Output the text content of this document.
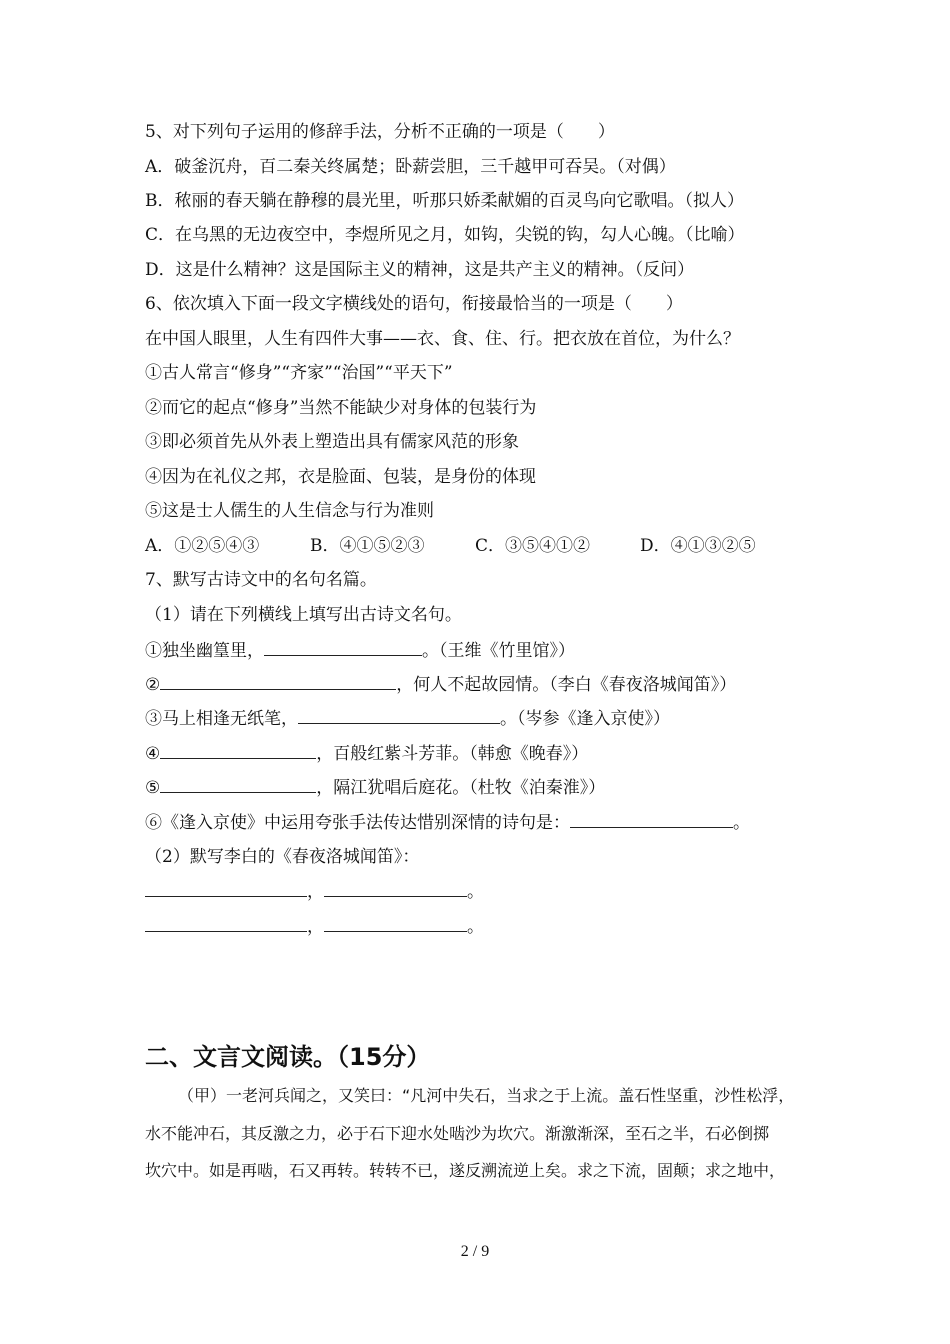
5、对下列句子运用的修辞手法，分析不正确的一项是（　　）
A．破釜沉舟，百二秦关终属楚；卧薪尝胆，三千越甲可吞吴。（对偶）
B．秾丽的春天躺在静穆的晨光里，听那只娇柔献媚的百灵鸟向它歌唱。（拟人）
C．在乌黑的无边夜空中，李煜所见之月，如钩，尖锐的钩，勾人心魄。（比喻）
D．这是什么精神？这是国际主义的精神，这是共产主义的精神。（反问）
6、依次填入下面一段文字横线处的语句，衔接最恰当的一项是（　　）
在中国人眼里，人生有四件大事——衣、食、住、行。把衣放在首位，为什么？
①古人常言“修身”“齐家”“治国”“平天下”
②而它的起点“修身”当然不能缺少对身体的包装行为
③即必须首先从外表上塑造出具有儒家风范的形象
④因为在礼仪之邦，衣是脸面、包装，是身份的体现
⑤这是士人儒生的人生信念与行为准则
A．①②⑤④③	B．④①⑤②③	C．③⑤④①②	D．④①③②⑤
7、默写古诗文中的名句名篇。
（1）请在下列横线上填写出古诗文名句。
①独坐幽篁里，	。（王维《竹里馆》）
②	，何人不起故园情。（李白《春夜洛城闻笛》）
③马上相逢无纸笔，	。（岑参《逢入京使》）
④	，百般红紫斗芳菲。（韩愈《晚春》）
⑤	，隔江犹唱后庭花。（杜牧《泊秦淮》）
⑥《逢入京使》中运用夸张手法传达惜别深情的诗句是：	。
（2）默写李白的《春夜洛城闻笛》：
，	。
，	。
二、文言文阅读。（15分）
（甲）一老河兵闻之，又笑曰：“凡河中失石，当求之于上流。盖石性坚重，沙性松浮，
水不能冲石，其反激之力，必于石下迎水处啮沙为坎穴。渐激渐深，至石之半，石必倒掷
坎穴中。如是再啮，石又再转。转转不已，遂反溯流逆上矣。求之下流，固颠；求之地中，
2 / 9
